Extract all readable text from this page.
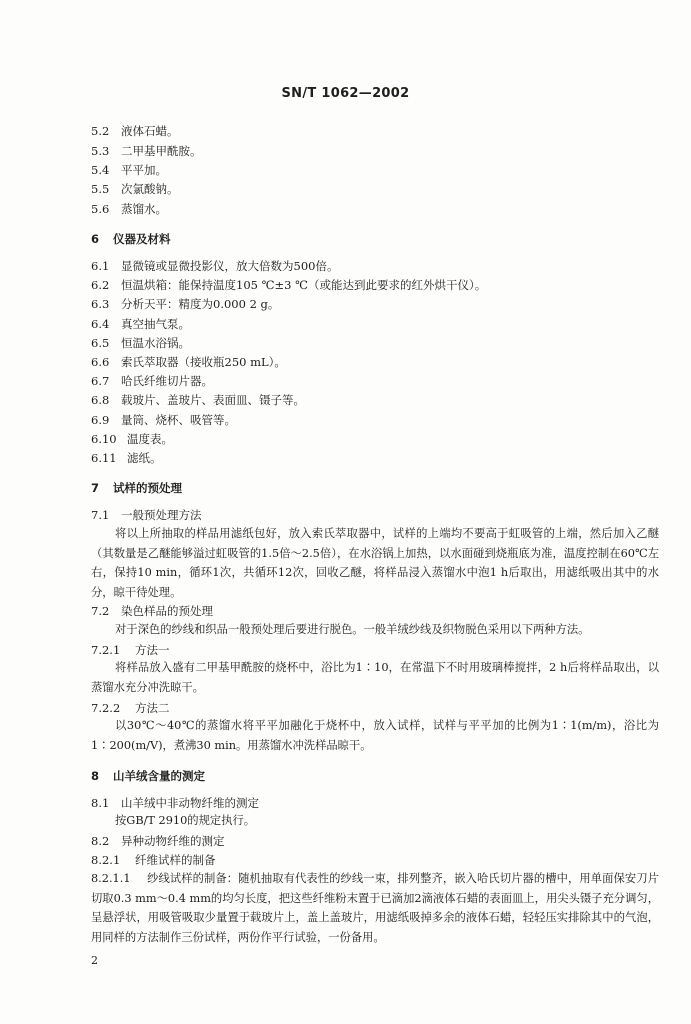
SN/T 1062—2002
5.2 液体石蜡。
5.3 二甲基甲酰胺。
5.4 平平加。
5.5 次氯酸钠。
5.6 蒸馏水。
6 仪器及材料
6.1 显微镜或显微投影仪，放大倍数为500倍。
6.2 恒温烘箱：能保持温度105 ℃±3 ℃（或能达到此要求的红外烘干仪）。
6.3 分析天平：精度为0.000 2 g。
6.4 真空抽气泵。
6.5 恒温水浴锅。
6.6 索氏萃取器（接收瓶250 mL）。
6.7 哈氏纤维切片器。
6.8 载玻片、盖玻片、表面皿、镊子等。
6.9 量筒、烧杯、吸管等。
6.10 温度表。
6.11 滤纸。
7 试样的预处理
7.1 一般预处理方法
将以上所抽取的样品用滤纸包好，放入索氏萃取器中，试样的上端均不要高于虹吸管的上端，然后加入乙醚（其数量是乙醚能够溢过虹吸管的1.5倍～2.5倍），在水浴锅上加热，以水面碰到烧瓶底为准，温度控制在60℃左右，保持10 min，循环1次，共循环12次，回收乙醚，将样品浸入蒸馏水中泡1 h后取出，用滤纸吸出其中的水分，晾干待处理。
7.2 染色样品的预处理
对于深色的纱线和织品一般预处理后要进行脱色。一般羊绒纱线及织物脱色采用以下两种方法。
7.2.1 方法一
将样品放入盛有二甲基甲酰胺的烧杯中，浴比为1∶10，在常温下不时用玻璃棒搅拌，2 h后将样品取出，以蒸馏水充分冲洗晾干。
7.2.2 方法二
以30℃～40℃的蒸馏水将平平加融化于烧杯中，放入试样，试样与平平加的比例为1∶1(m/m)，浴比为1∶200(m/V)，煮沸30 min。用蒸馏水冲洗样品晾干。
8 山羊绒含量的测定
8.1 山羊绒中非动物纤维的测定
按GB/T 2910的规定执行。
8.2 异种动物纤维的测定
8.2.1 纤维试样的制备
8.2.1.1 纱线试样的制备：随机抽取有代表性的纱线一束，排列整齐，嵌入哈氏切片器的槽中，用单面保安刀片切取0.3 mm～0.4 mm的均匀长度，把这些纤维粉末置于已滴加2滴液体石蜡的表面皿上，用尖头镊子充分调匀，呈悬浮状，用吸管吸取少量置于载玻片上，盖上盖玻片，用滤纸吸掉多余的液体石蜡，轻轻压实排除其中的气泡，用同样的方法制作三份试样，两份作平行试验，一份备用。
2
